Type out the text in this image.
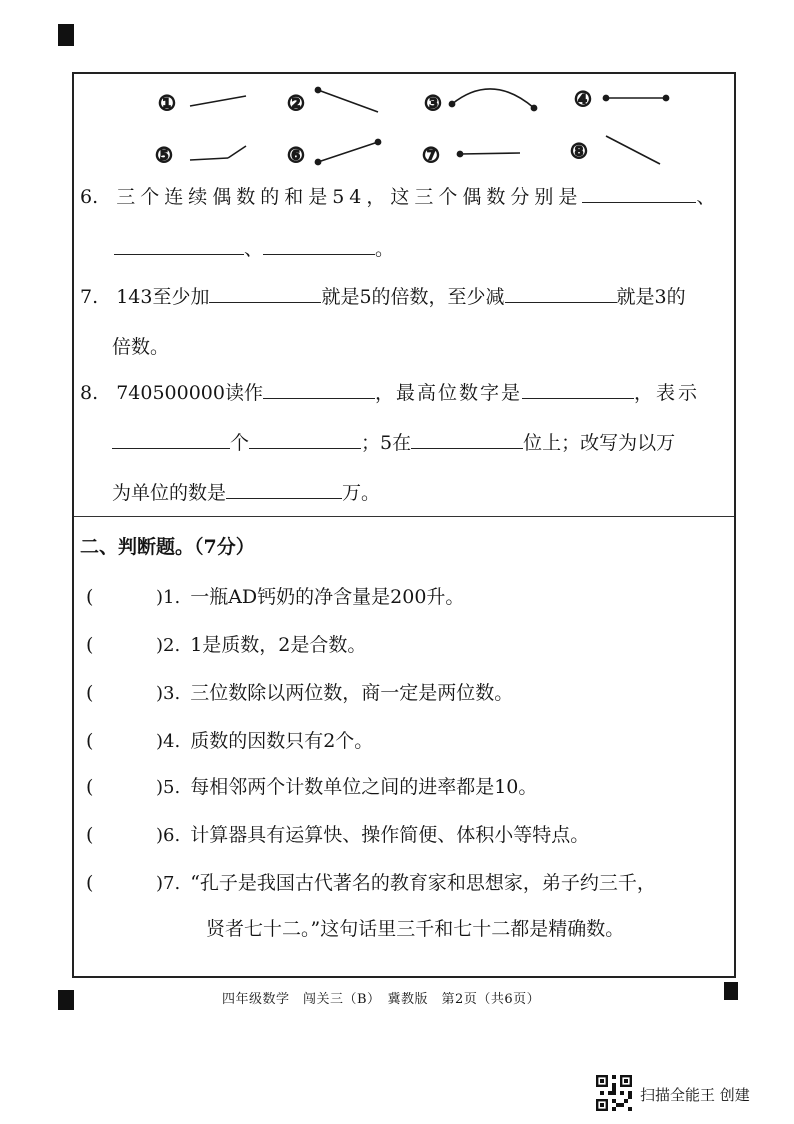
①	②	③	④
⑤	⑥	⑦	⑧
6. 三个连续偶数的和是54，这三个偶数分别是	、
、	。
7. 143至少加	就是5的倍数，至少减	就是3的
倍数。
8. 740500000读作	，最高位数字是	，表示
个	；5在	位上；改写为以万
为单位的数是	万。
二、判断题。（7分）
(	)1. 一瓶AD钙奶的净含量是200升。
(	)2. 1是质数，2是合数。
(	)3. 三位数除以两位数，商一定是两位数。
(	)4. 质数的因数只有2个。
(	)5. 每相邻两个计数单位之间的进率都是10。
(	)6. 计算器具有运算快、操作简便、体积小等特点。
(	)7. “孔子是我国古代著名的教育家和思想家，弟子约三千，
贤者七十二。”这句话里三千和七十二都是精确数。
四年级数学　闯关三（B）　冀教版　第2页（共6页）
扫描全能王 创建
